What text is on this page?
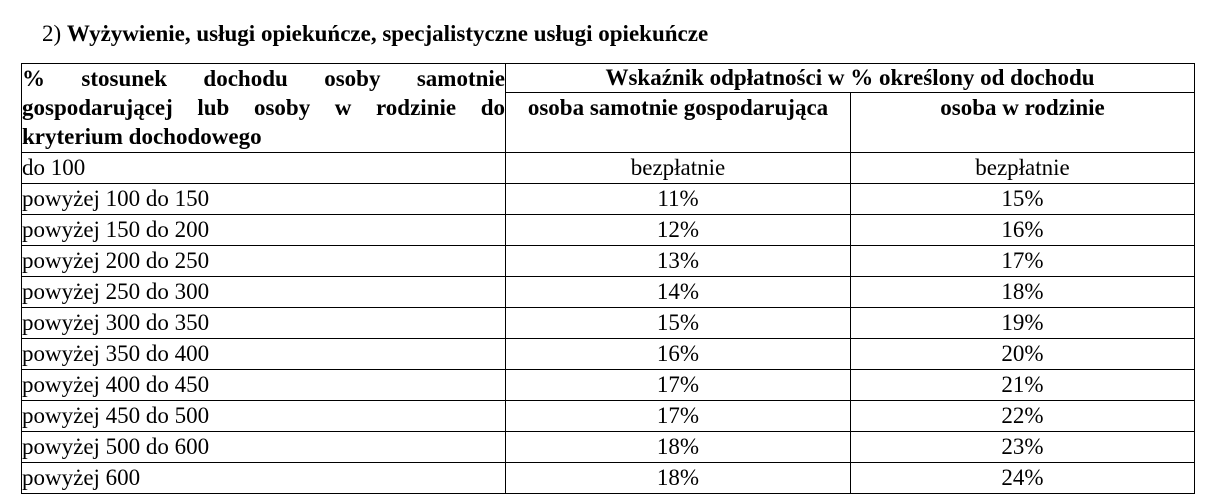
2) Wyżywienie, usługi opiekuńcze, specjalistyczne usługi opiekuńcze
% stosunek dochodu osoby samotnie gospodarującej lub osoby w rodzinie do kryterium dochodowego	Wskaźnik odpłatności w % określony od dochodu	
	osoba samotnie gospodarująca	osoba w rodzinie
do 100	bezpłatnie	bezpłatnie
powyżej 100 do 150	11%	15%
powyżej 150 do 200	12%	16%
powyżej 200 do 250	13%	17%
powyżej 250 do 300	14%	18%
powyżej 300 do 350	15%	19%
powyżej 350 do 400	16%	20%
powyżej 400 do 450	17%	21%
powyżej 450 do 500	17%	22%
powyżej 500 do 600	18%	23%
powyżej 600	18%	24%
